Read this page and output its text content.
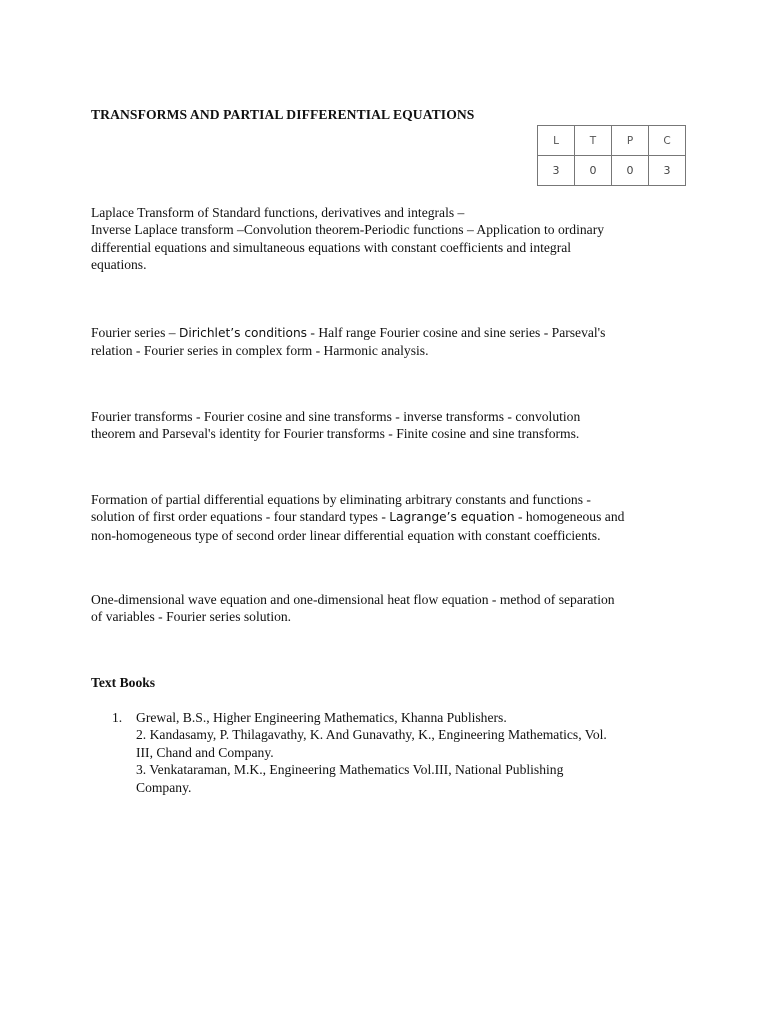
TRANSFORMS AND PARTIAL DIFFERENTIAL EQUATIONS
L	T	P	C
3	0	0	3
Laplace Transform of Standard functions, derivatives and integrals –
Inverse Laplace transform –Convolution theorem-Periodic functions – Application to ordinary
differential equations and simultaneous equations with constant coefficients and integral
equations.
Fourier series – Dirichlet’s conditions - Half range Fourier cosine and sine series - Parseval's
relation - Fourier series in complex form - Harmonic analysis.
Fourier transforms - Fourier cosine and sine transforms - inverse transforms - convolution
theorem and Parseval's identity for Fourier transforms - Finite cosine and sine transforms.
Formation of partial differential equations by eliminating arbitrary constants and functions -
solution of first order equations - four standard types - Lagrange’s equation - homogeneous and
non-homogeneous type of second order linear differential equation with constant coefficients.
One-dimensional wave equation and one-dimensional heat flow equation - method of separation
of variables - Fourier series solution.
Text Books
1. Grewal, B.S., Higher Engineering Mathematics, Khanna Publishers.
2. Kandasamy, P. Thilagavathy, K. And Gunavathy, K., Engineering Mathematics, Vol.
III, Chand and Company.
3. Venkataraman, M.K., Engineering Mathematics Vol.III, National Publishing
Company.
